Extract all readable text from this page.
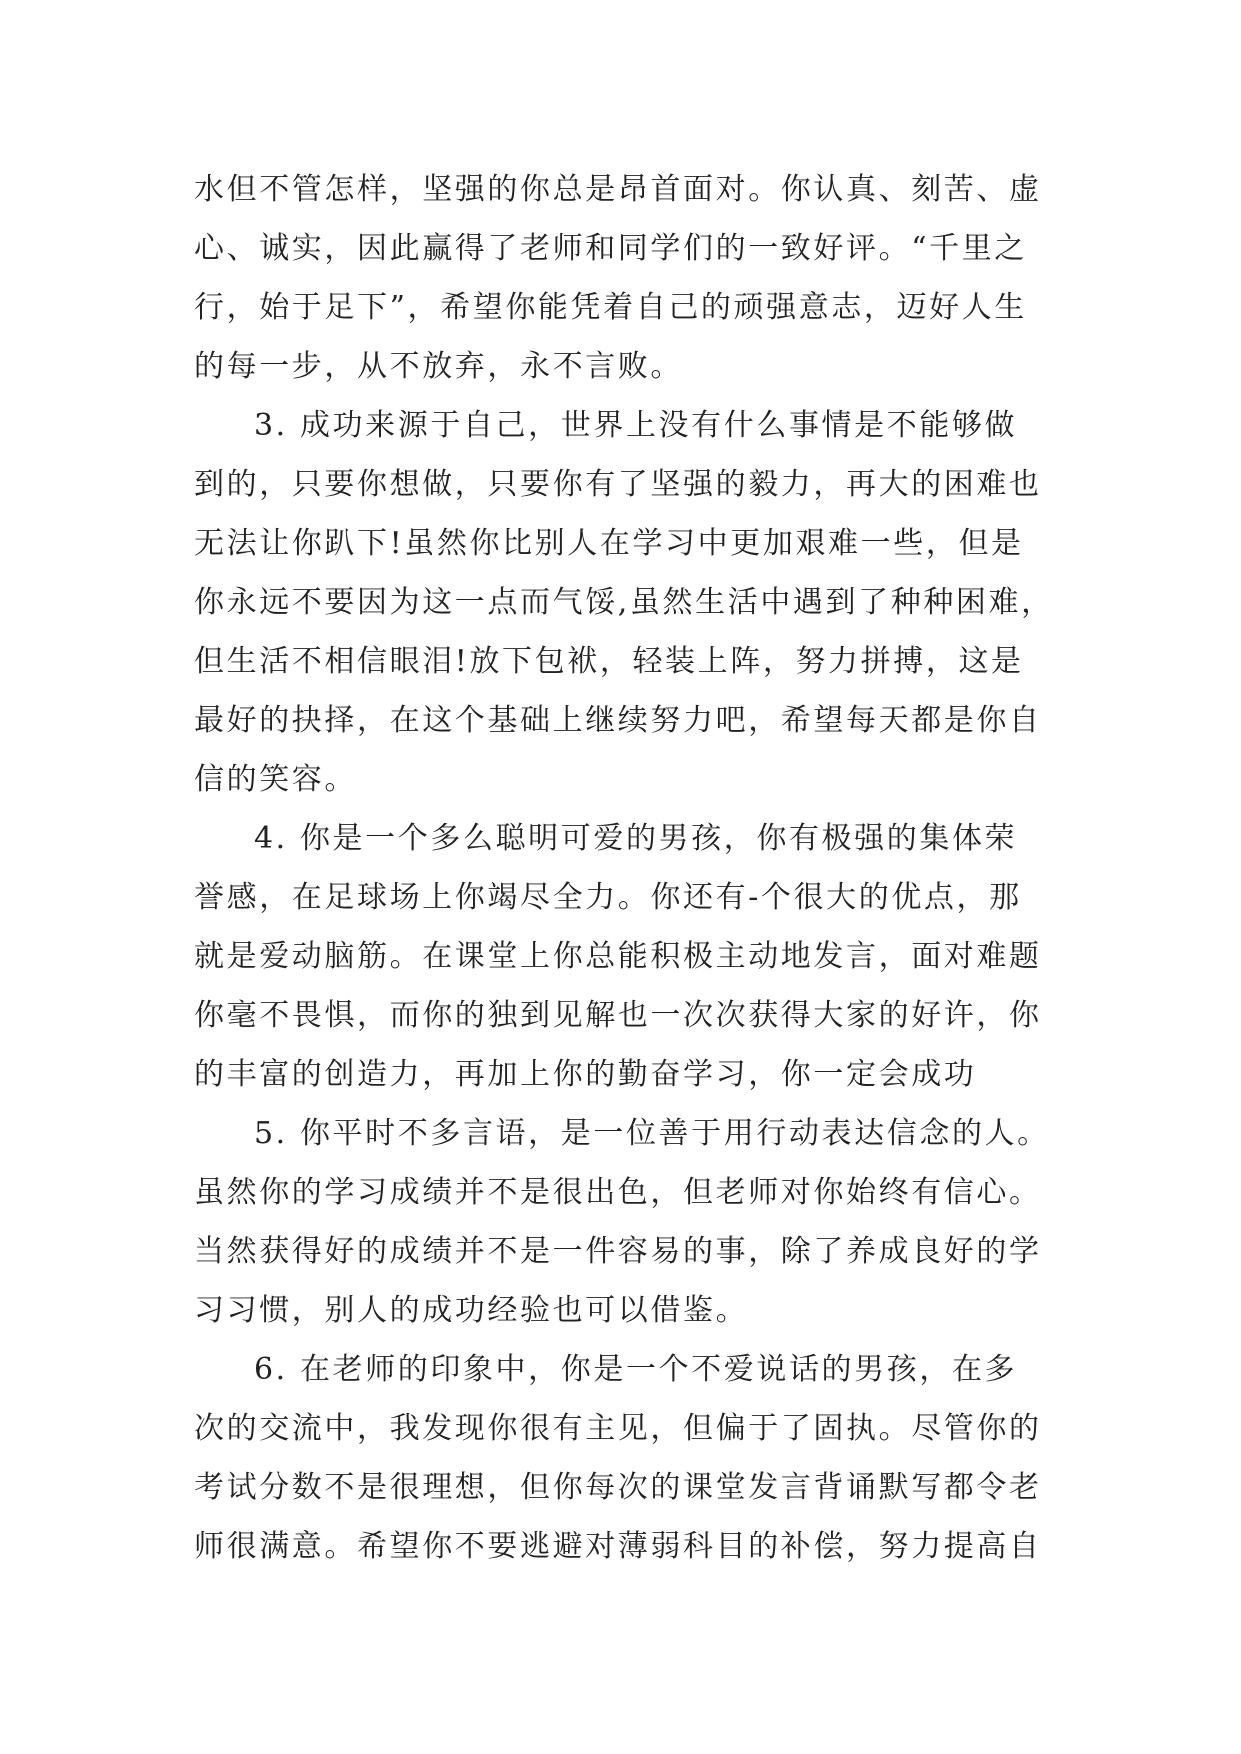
水但不管怎样，坚强的你总是昂首面对。你认真、刻苦、虚
心、诚实，因此赢得了老师和同学们的一致好评。“千里之
行，始于足下”，希望你能凭着自己的顽强意志，迈好人生
的每一步，从不放弃，永不言败。
3. 成功来源于自己，世界上没有什么事情是不能够做
到的，只要你想做，只要你有了坚强的毅力，再大的困难也
无法让你趴下!虽然你比别人在学习中更加艰难一些，但是
你永远不要因为这一点而气馁,虽然生活中遇到了种种困难，
但生活不相信眼泪!放下包袱，轻装上阵，努力拼搏，这是
最好的抉择，在这个基础上继续努力吧，希望每天都是你自
信的笑容。
4. 你是一个多么聪明可爱的男孩，你有极强的集体荣
誉感，在足球场上你竭尽全力。你还有-个很大的优点，那
就是爱动脑筋。在课堂上你总能积极主动地发言，面对难题
你毫不畏惧，而你的独到见解也一次次获得大家的好许，你
的丰富的创造力，再加上你的勤奋学习，你一定会成功
5. 你平时不多言语，是一位善于用行动表达信念的人。
虽然你的学习成绩并不是很出色，但老师对你始终有信心。
当然获得好的成绩并不是一件容易的事，除了养成良好的学
习习惯，别人的成功经验也可以借鉴。
6. 在老师的印象中，你是一个不爱说话的男孩，在多
次的交流中，我发现你很有主见，但偏于了固执。尽管你的
考试分数不是很理想，但你每次的课堂发言背诵默写都令老
师很满意。希望你不要逃避对薄弱科目的补偿，努力提高自
